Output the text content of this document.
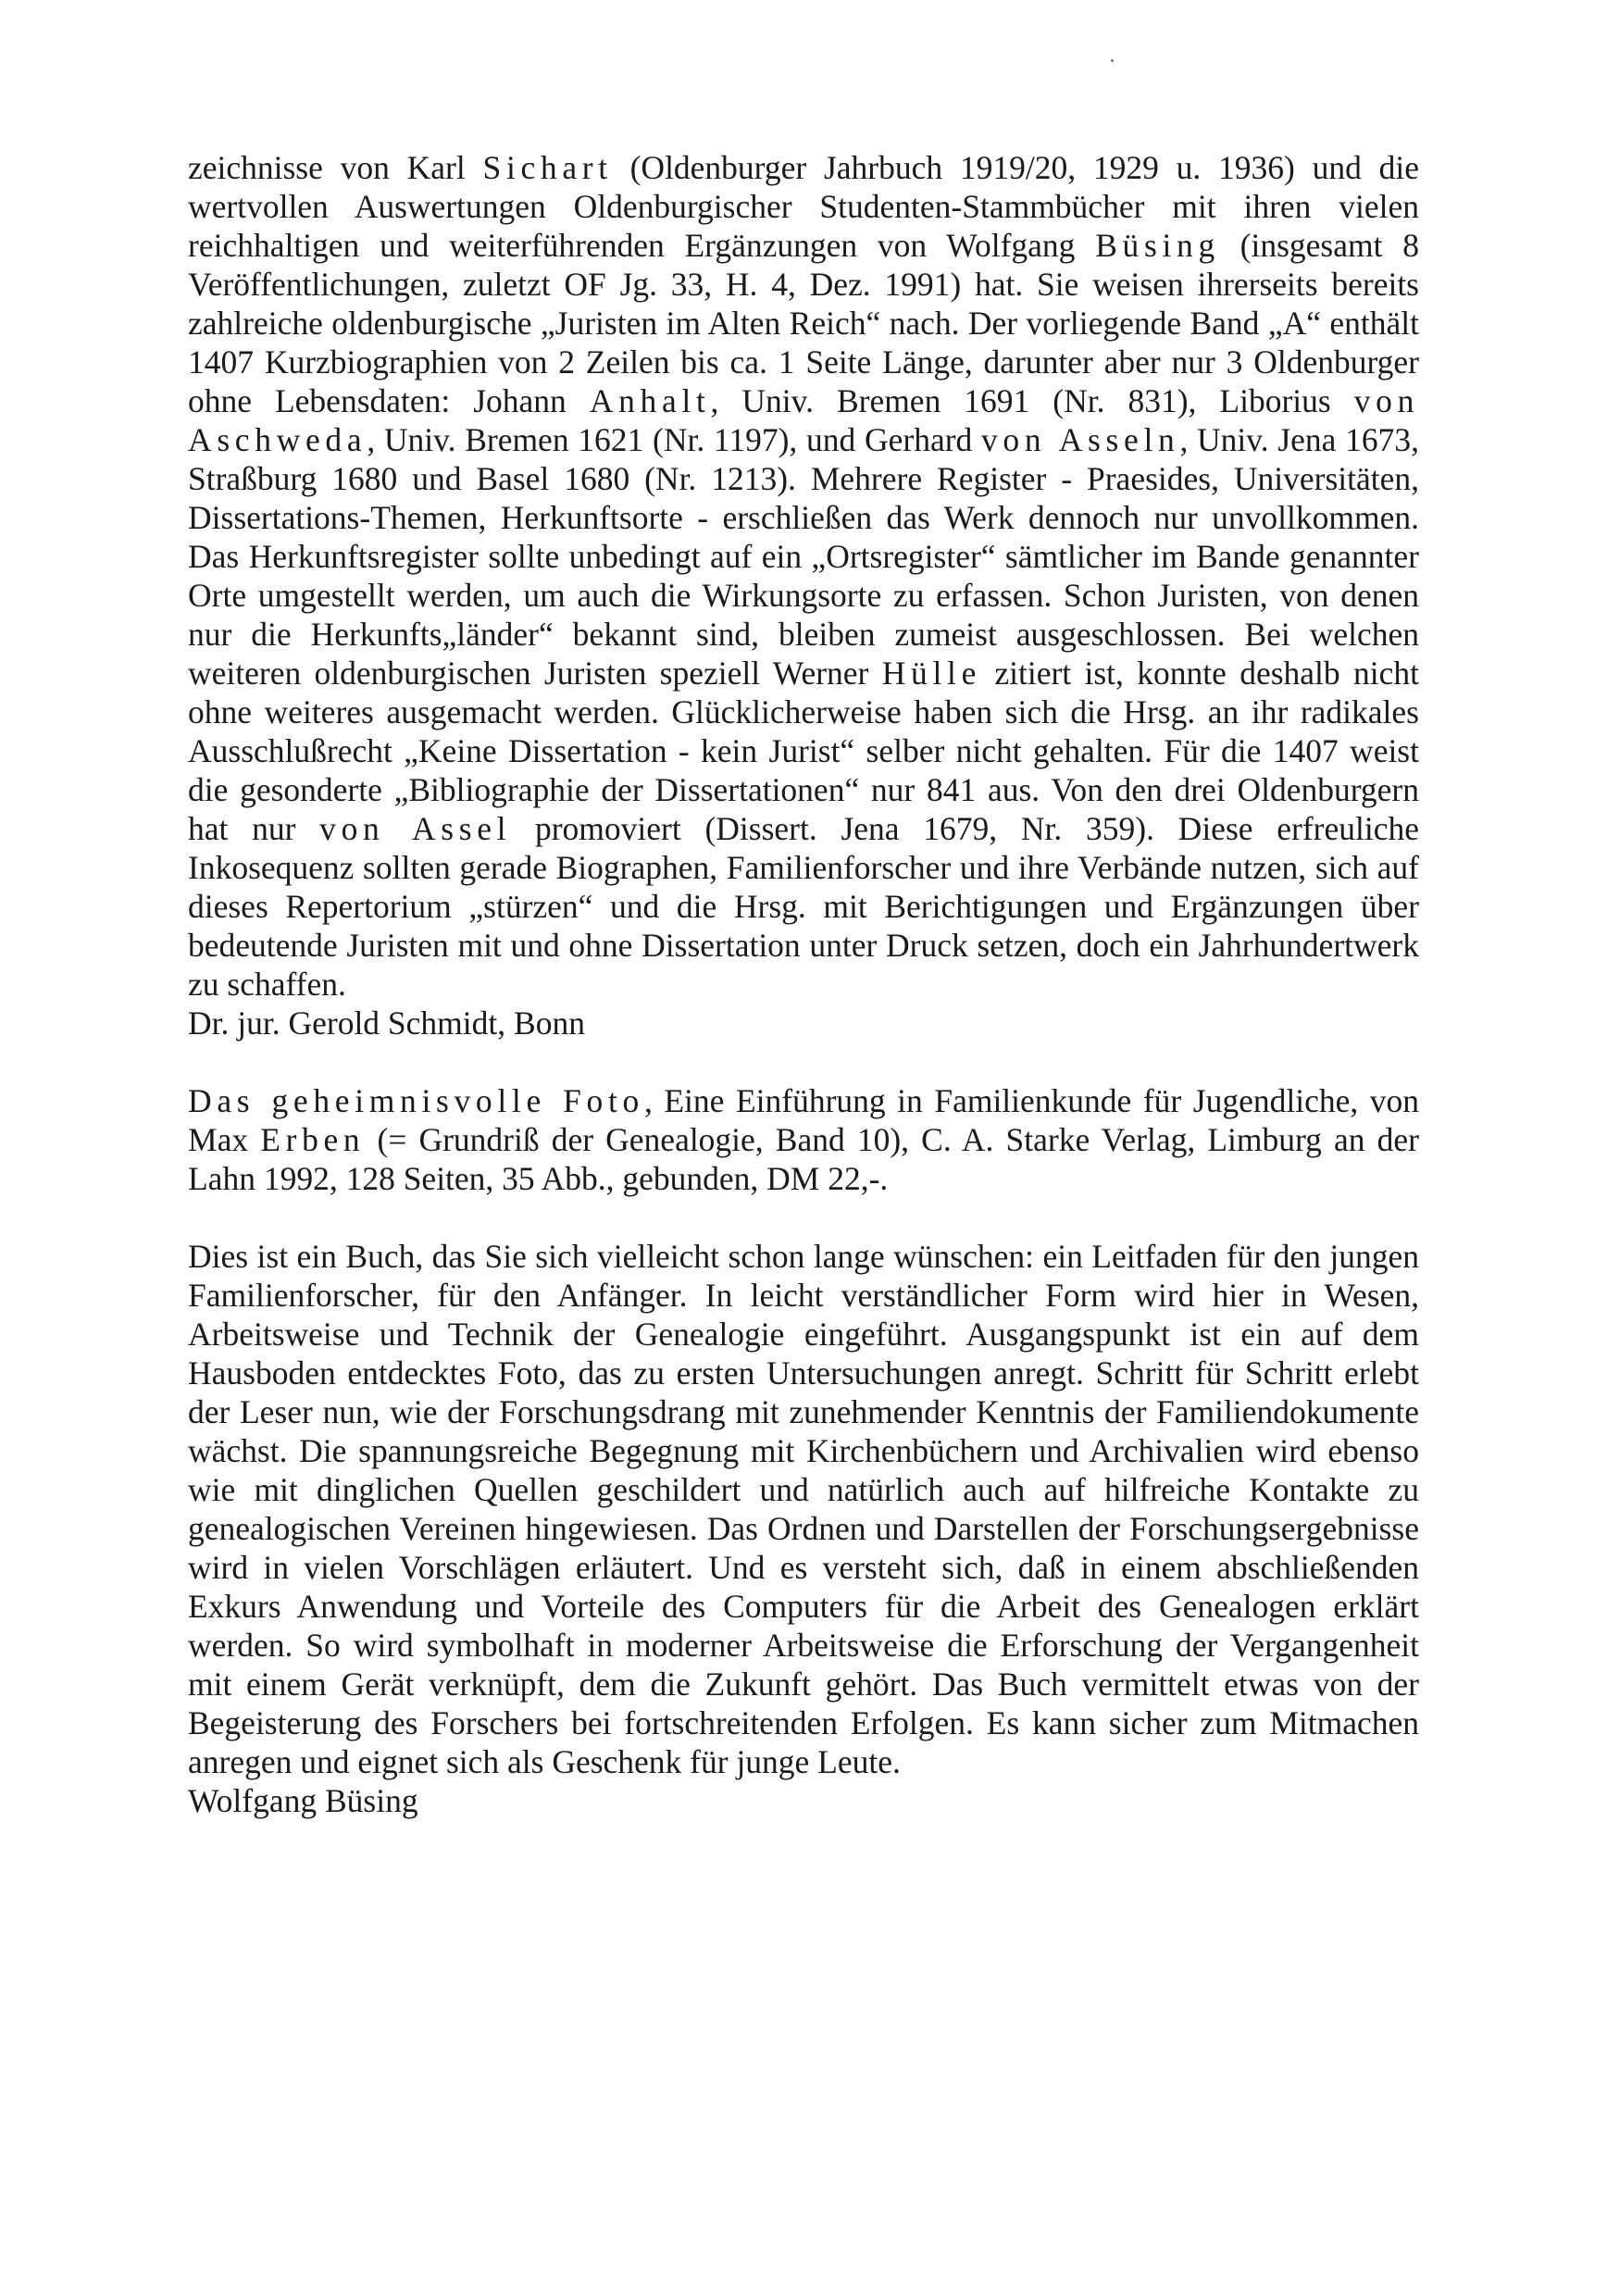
zeichnisse von Karl Sichart (Oldenburger Jahrbuch 1919/20, 1929 u. 1936) und die wertvollen Auswertungen Oldenburgischer Studenten-Stammbücher mit ihren vielen reichhaltigen und weiterführenden Ergänzungen von Wolfgang Büsing (insgesamt 8 Veröffentlichungen, zuletzt OF Jg. 33, H. 4, Dez. 1991) hat. Sie weisen ihrerseits bereits zahlreiche oldenburgische „Juristen im Alten Reich“ nach. Der vorliegende Band „A“ enthält 1407 Kurzbiographien von 2 Zeilen bis ca. 1 Seite Länge, darunter aber nur 3 Oldenburger ohne Lebensdaten: Johann Anhalt, Univ. Bremen 1691 (Nr. 831), Liborius von Aschweda, Univ. Bremen 1621 (Nr. 1197), und Gerhard von Asseln, Univ. Jena 1673, Straßburg 1680 und Basel 1680 (Nr. 1213). Mehrere Register - Praesides, Universitäten, Dissertations-Themen, Herkunftsorte - erschließen das Werk dennoch nur unvollkommen. Das Herkunftsregister sollte unbedingt auf ein „Ortsregister“ sämtlicher im Bande genannter Orte umgestellt werden, um auch die Wirkungsorte zu erfassen. Schon Juristen, von denen nur die Herkunfts„länder“ bekannt sind, bleiben zumeist ausgeschlossen. Bei welchen weiteren oldenburgischen Juristen speziell Werner Hülle zitiert ist, konnte deshalb nicht ohne weiteres ausgemacht werden. Glücklicherweise haben sich die Hrsg. an ihr radikales Ausschlußrecht „Keine Dissertation - kein Jurist“ selber nicht gehalten. Für die 1407 weist die gesonderte „Bibliographie der Dissertationen“ nur 841 aus. Von den drei Oldenburgern hat nur von Assel promoviert (Dissert. Jena 1679, Nr. 359). Diese erfreuliche Inkosequenz sollten gerade Biographen, Familienforscher und ihre Verbände nutzen, sich auf dieses Repertorium „stürzen“ und die Hrsg. mit Berichtigungen und Ergänzungen über bedeutende Juristen mit und ohne Dissertation unter Druck setzen, doch ein Jahrhundertwerk zu schaffen.

Dr. jur. Gerold Schmidt, Bonn

Das geheimnisvolle Foto, Eine Einführung in Familienkunde für Jugendliche, von Max Erben (= Grundriß der Genealogie, Band 10), C. A. Starke Verlag, Limburg an der Lahn 1992, 128 Seiten, 35 Abb., gebunden, DM 22,-.

Dies ist ein Buch, das Sie sich vielleicht schon lange wünschen: ein Leitfaden für den jungen Familienforscher, für den Anfänger. In leicht verständlicher Form wird hier in Wesen, Arbeitsweise und Technik der Genealogie eingeführt. Ausgangspunkt ist ein auf dem Hausboden entdecktes Foto, das zu ersten Untersuchungen anregt. Schritt für Schritt erlebt der Leser nun, wie der Forschungsdrang mit zunehmender Kenntnis der Familiendokumente wächst. Die spannungsreiche Begegnung mit Kirchenbüchern und Archivalien wird ebenso wie mit dinglichen Quellen geschildert und natürlich auch auf hilfreiche Kontakte zu genealogischen Vereinen hingewiesen. Das Ordnen und Darstellen der Forschungsergebnisse wird in vielen Vorschlägen erläutert. Und es versteht sich, daß in einem abschließenden Exkurs Anwendung und Vorteile des Computers für die Arbeit des Genealogen erklärt werden. So wird symbolhaft in moderner Arbeitsweise die Erforschung der Vergangenheit mit einem Gerät verknüpft, dem die Zukunft gehört. Das Buch vermittelt etwas von der Begeisterung des Forschers bei fortschreitenden Erfolgen. Es kann sicher zum Mitmachen anregen und eignet sich als Geschenk für junge Leute.

Wolfgang Büsing
